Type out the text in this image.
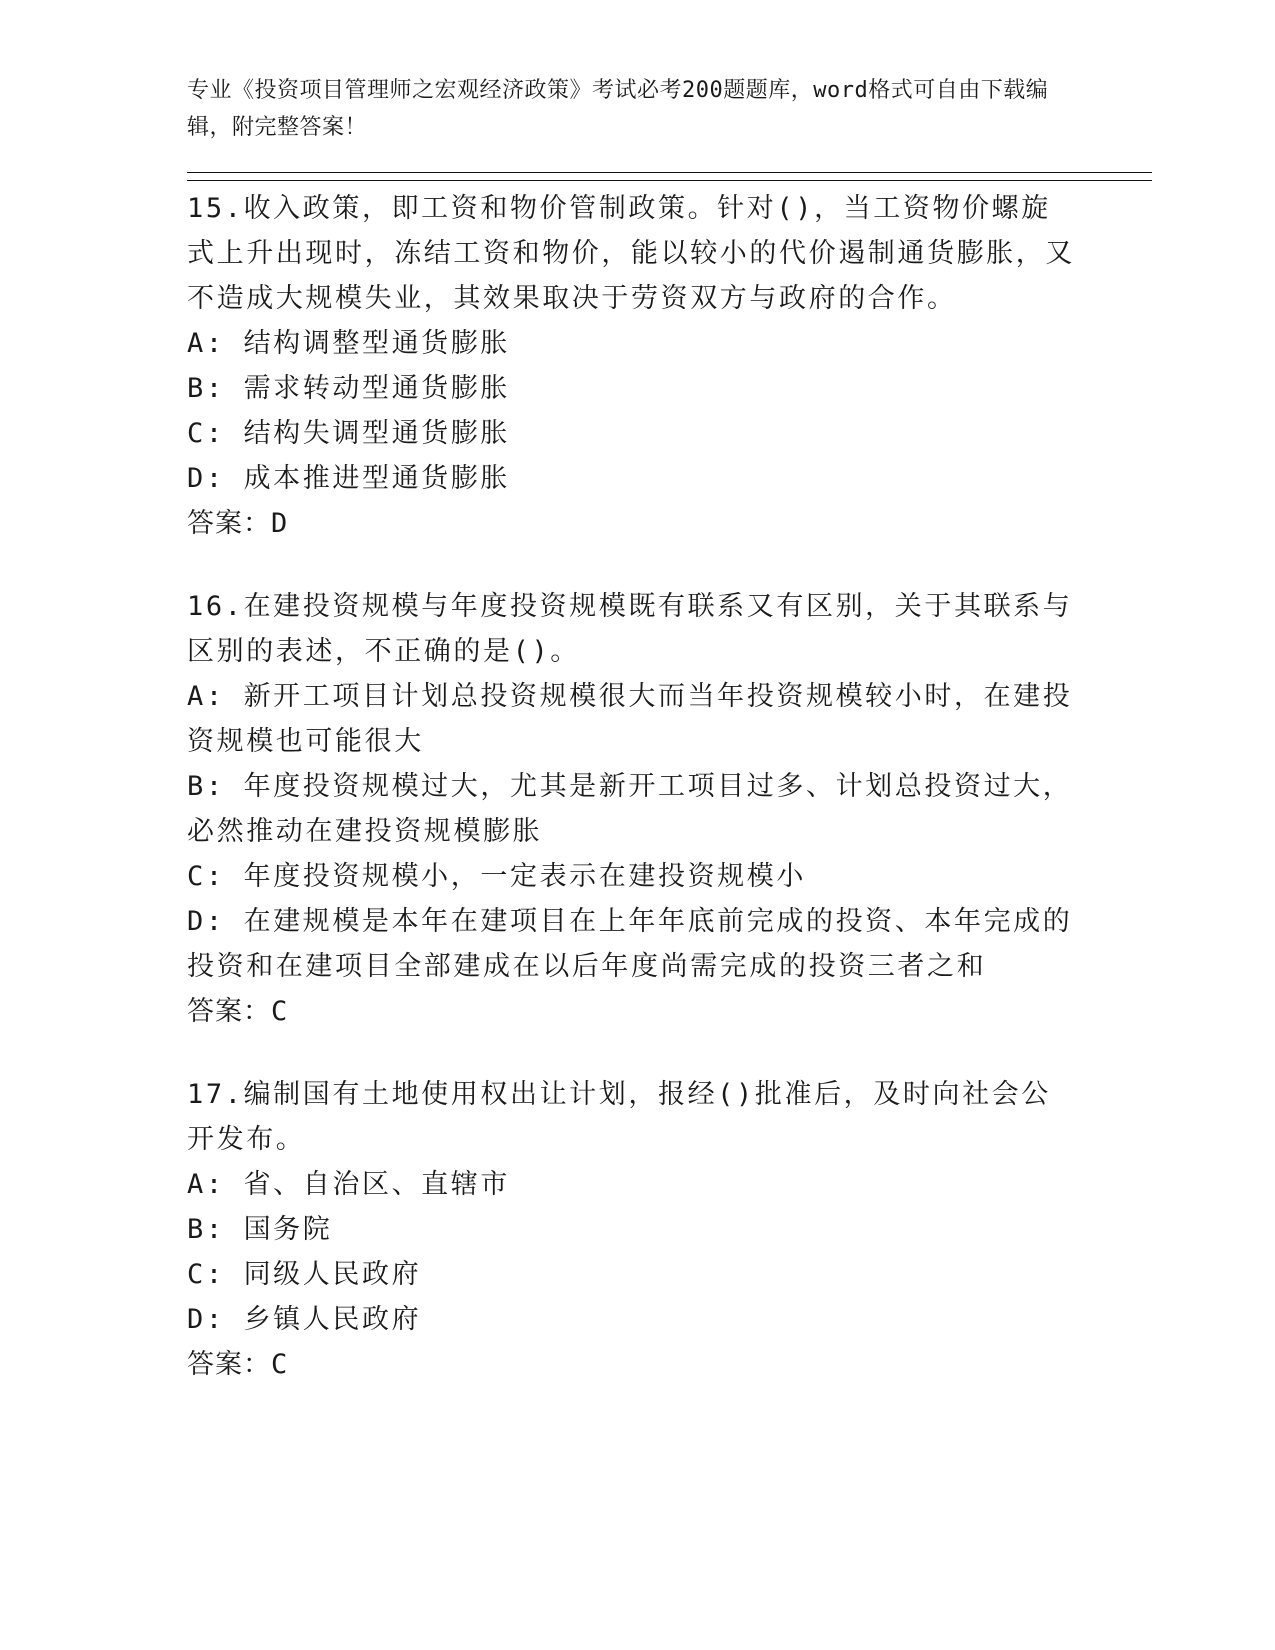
专业《投资项目管理师之宏观经济政策》考试必考200题题库，word格式可自由下载编辑，附完整答案！

15.收入政策，即工资和物价管制政策。针对()，当工资物价螺旋式上升出现时，冻结工资和物价，能以较小的代价遏制通货膨胀，又不造成大规模失业，其效果取决于劳资双方与政府的合作。

A: 结构调整型通货膨胀

B: 需求转动型通货膨胀

C: 结构失调型通货膨胀

D: 成本推进型通货膨胀

答案：D

16.在建投资规模与年度投资规模既有联系又有区别，关于其联系与区别的表述，不正确的是()。

A: 新开工项目计划总投资规模很大而当年投资规模较小时，在建投资规模也可能很大

B: 年度投资规模过大，尤其是新开工项目过多、计划总投资过大，必然推动在建投资规模膨胀

C: 年度投资规模小，一定表示在建投资规模小

D: 在建规模是本年在建项目在上年年底前完成的投资、本年完成的投资和在建项目全部建成在以后年度尚需完成的投资三者之和

答案：C

17.编制国有土地使用权出让计划，报经()批准后，及时向社会公开发布。

A: 省、自治区、直辖市

B: 国务院

C: 同级人民政府

D: 乡镇人民政府

答案：C
